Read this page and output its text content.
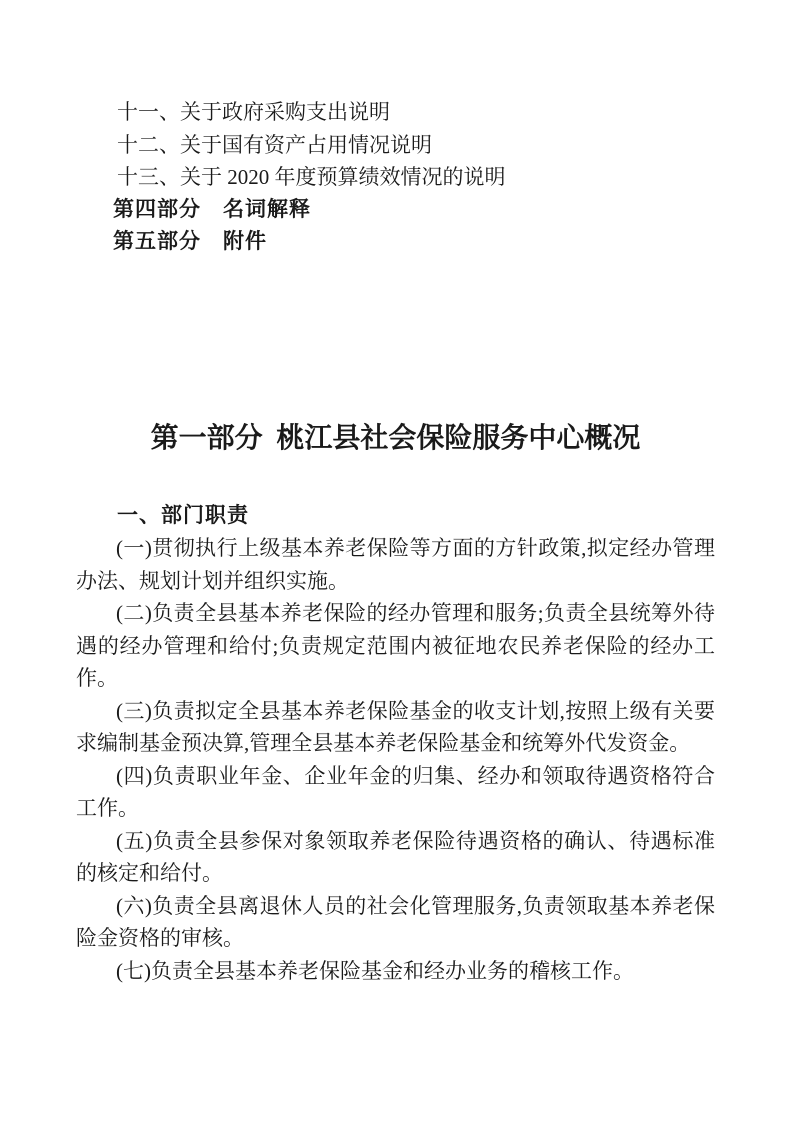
十一、关于政府采购支出说明

十二、关于国有资产占用情况说明

十三、关于 2020 年度预算绩效情况的说明

第四部分　名词解释

第五部分　附件

第一部分 桃江县社会保险服务中心概况
一、部门职责

(一)贯彻执行上级基本养老保险等方面的方针政策,拟定经办管理办法、规划计划并组织实施。

(二)负责全县基本养老保险的经办管理和服务;负责全县统筹外待遇的经办管理和给付;负责规定范围内被征地农民养老保险的经办工作。

(三)负责拟定全县基本养老保险基金的收支计划,按照上级有关要求编制基金预决算,管理全县基本养老保险基金和统筹外代发资金。

(四)负责职业年金、企业年金的归集、经办和领取待遇资格符合工作。

(五)负责全县参保对象领取养老保险待遇资格的确认、待遇标准的核定和给付。

(六)负责全县离退休人员的社会化管理服务,负责领取基本养老保险金资格的审核。

(七)负责全县基本养老保险基金和经办业务的稽核工作。
